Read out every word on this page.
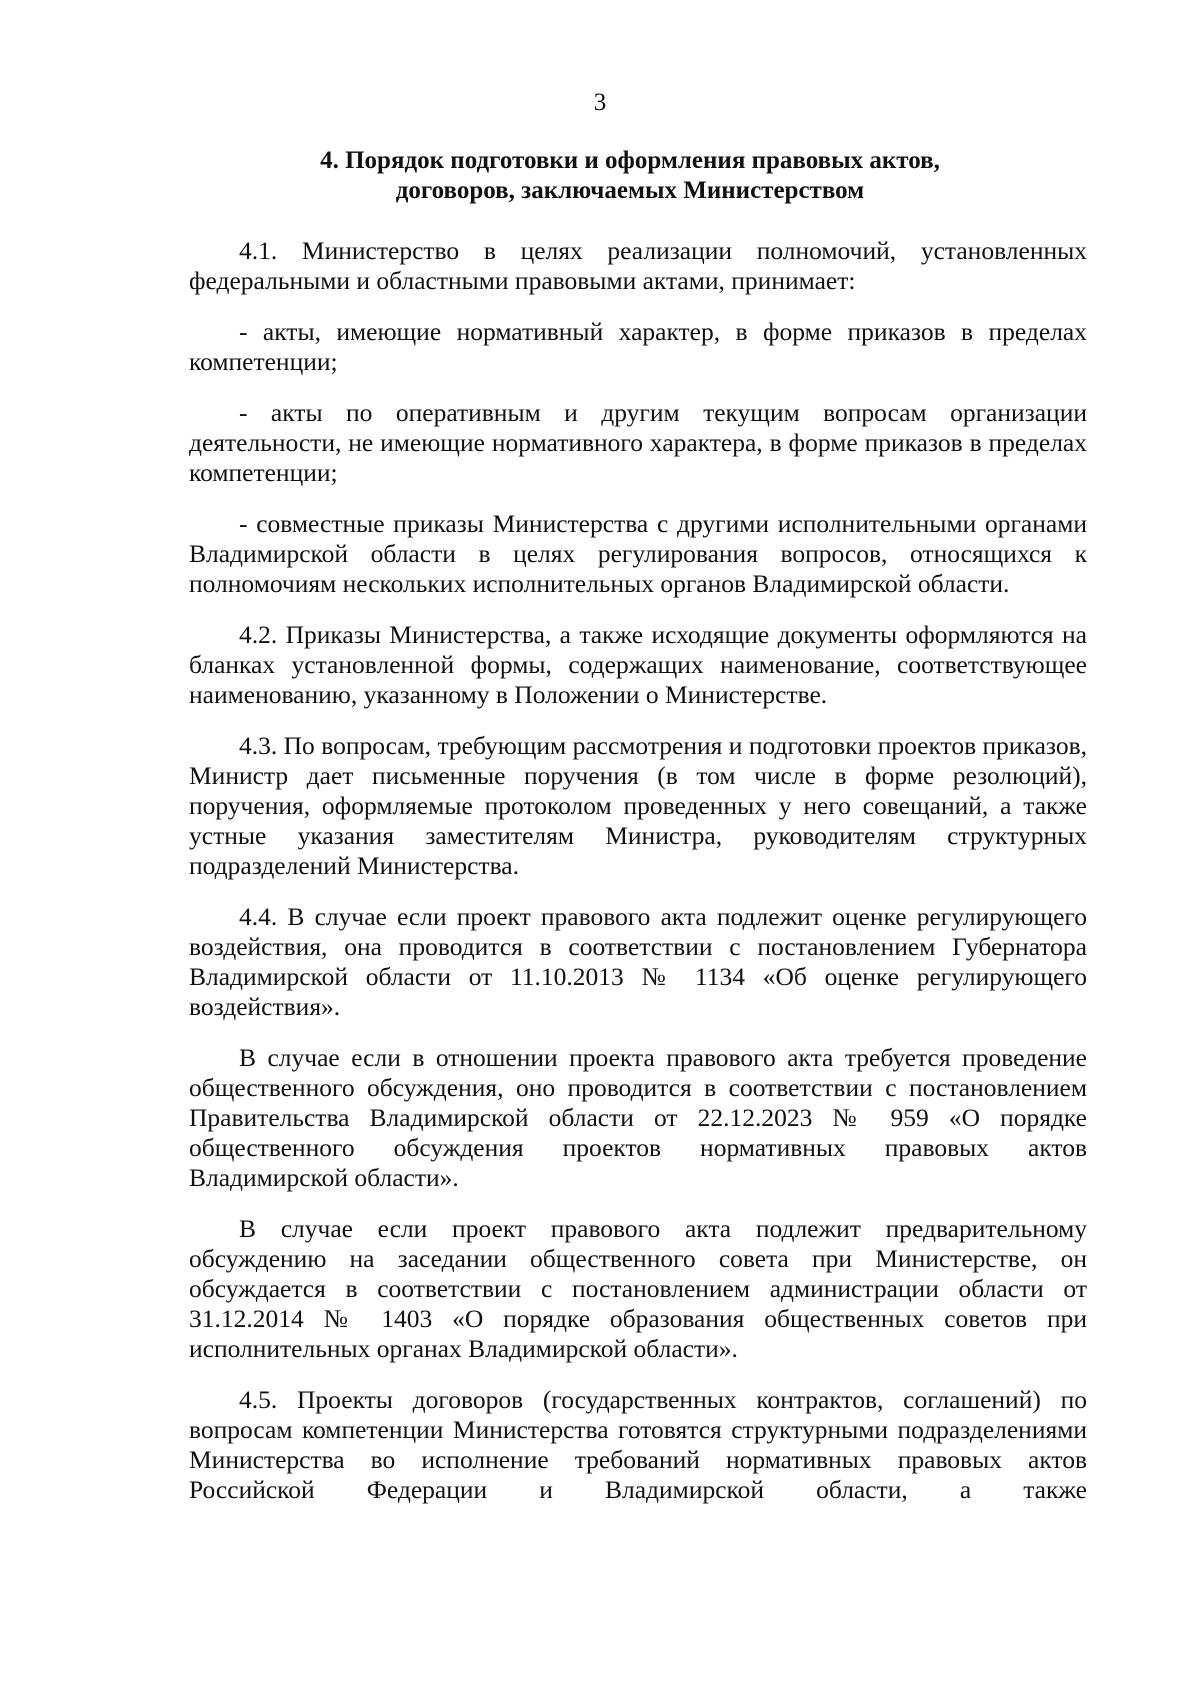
3
4. Порядок подготовки и оформления правовых актов,
договоров, заключаемых Министерством

4.1. Министерство в целях реализации полномочий, установленных федеральными и областными правовыми актами, принимает:

- акты, имеющие нормативный характер, в форме приказов в пределах компетенции;

- акты по оперативным и другим текущим вопросам организации деятельности, не имеющие нормативного характера, в форме приказов в пределах компетенции;

- совместные приказы Министерства с другими исполнительными органами Владимирской области в целях регулирования вопросов, относящихся к полномочиям нескольких исполнительных органов Владимирской области.

4.2. Приказы Министерства, а также исходящие документы оформляются на бланках установленной формы, содержащих наименование, соответствующее наименованию, указанному в Положении о Министерстве.

4.3. По вопросам, требующим рассмотрения и подготовки проектов приказов, Министр дает письменные поручения (в том числе в форме резолюций), поручения, оформляемые протоколом проведенных у него совещаний, а также устные указания заместителям Министра, руководителям структурных подразделений Министерства.

4.4. В случае если проект правового акта подлежит оценке регулирующего воздействия, она проводится в соответствии с постановлением Губернатора Владимирской области от 11.10.2013 № 1134 «Об оценке регулирующего воздействия».

В случае если в отношении проекта правового акта требуется проведение общественного обсуждения, оно проводится в соответствии с постановлением Правительства Владимирской области от 22.12.2023 № 959 «О порядке общественного обсуждения проектов нормативных правовых актов Владимирской области».

В случае если проект правового акта подлежит предварительному обсуждению на заседании общественного совета при Министерстве, он обсуждается в соответствии с постановлением администрации области от 31.12.2014 № 1403 «О порядке образования общественных советов при исполнительных органах Владимирской области».

4.5. Проекты договоров (государственных контрактов, соглашений) по вопросам компетенции Министерства готовятся структурными подразделениями Министерства во исполнение требований нормативных правовых актов Российской Федерации и Владимирской области, а также
